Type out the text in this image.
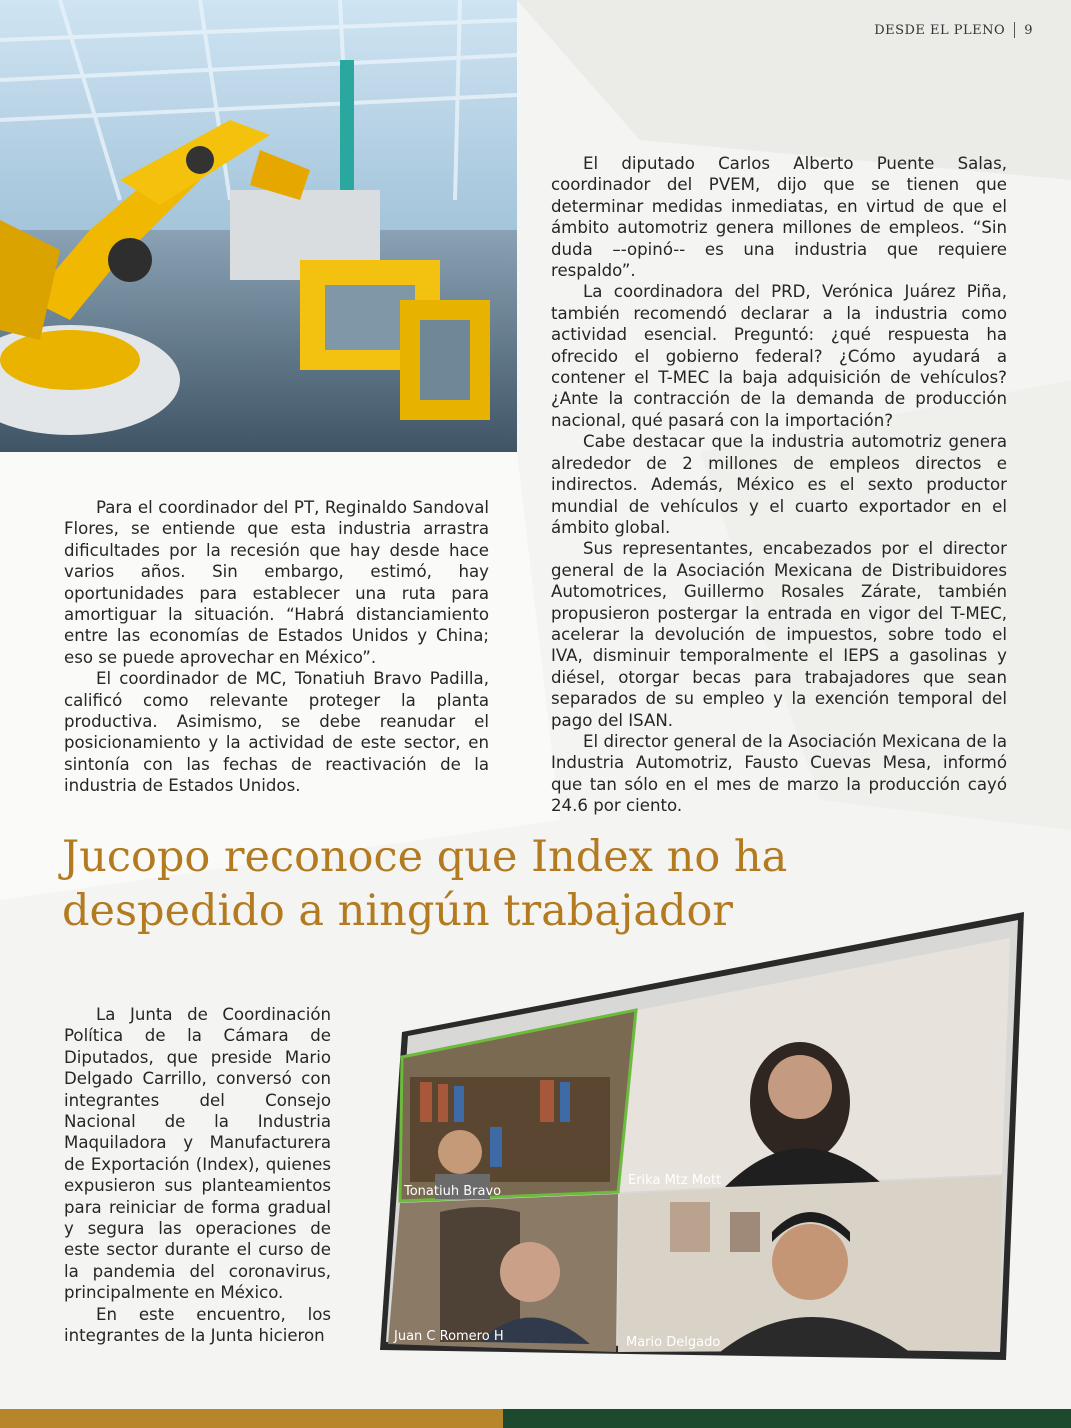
DESDE EL PLENO 9

Para el coordinador del PT, Reginaldo Sandoval Flores, se entiende que esta industria arrastra dificultades por la recesión que hay desde hace varios años. Sin embargo, estimó, hay oportunidades para establecer una ruta para amortiguar la situación. “Habrá distanciamiento entre las economías de Estados Unidos y China; eso se puede aprovechar en México”.

El coordinador de MC, Tonatiuh Bravo Padilla, calificó como relevante proteger la planta productiva. Asimismo, se debe reanudar el posicionamiento y la actividad de este sector, en sintonía con las fechas de reactivación de la industria de Estados Unidos.

El diputado Carlos Alberto Puente Salas, coordinador del PVEM, dijo que se tienen que determinar medidas inmediatas, en virtud de que el ámbito automotriz genera millones de empleos. “Sin duda –-opinó-- es una industria que requiere respaldo”.

La coordinadora del PRD, Verónica Juárez Piña, también recomendó declarar a la industria como actividad esencial. Preguntó: ¿qué respuesta ha ofrecido el gobierno federal? ¿Cómo ayudará a contener el T-MEC la baja adquisición de vehículos? ¿Ante la contracción de la demanda de producción nacional, qué pasará con la importación?

Cabe destacar que la industria automotriz genera alrededor de 2 millones de empleos directos e indirectos. Además, México es el sexto productor mundial de vehículos y el cuarto exportador en el ámbito global.

Sus representantes, encabezados por el director general de la Asociación Mexicana de Distribuidores Automotrices, Guillermo Rosales Zárate, también propusieron postergar la entrada en vigor del T-MEC, acelerar la devolución de impuestos, sobre todo el IVA, disminuir temporalmente el IEPS a gasolinas y diésel, otorgar becas para trabajadores que sean separados de su empleo y la exención temporal del pago del ISAN.

El director general de la Asociación Mexicana de la Industria Automotriz, Fausto Cuevas Mesa, informó que tan sólo en el mes de marzo la producción cayó 24.6 por ciento.

Jucopo reconoce que Index no ha
despedido a ningún trabajador

La Junta de Coordinación Política de la Cámara de Diputados, que preside Mario Delgado Carrillo, conversó con integrantes del Consejo Nacional de la Industria Maquiladora y Manufacturera de Exportación (Index), quienes expusieron sus planteamientos para reiniciar de forma gradual y segura las operaciones de este sector durante el curso de la pandemia del coronavirus, principalmente en México.

En este encuentro, los integrantes de la Junta hicieron

Tonatiuh Bravo
Erika Mtz Mott
Juan C Romero H	Mario Delgado
